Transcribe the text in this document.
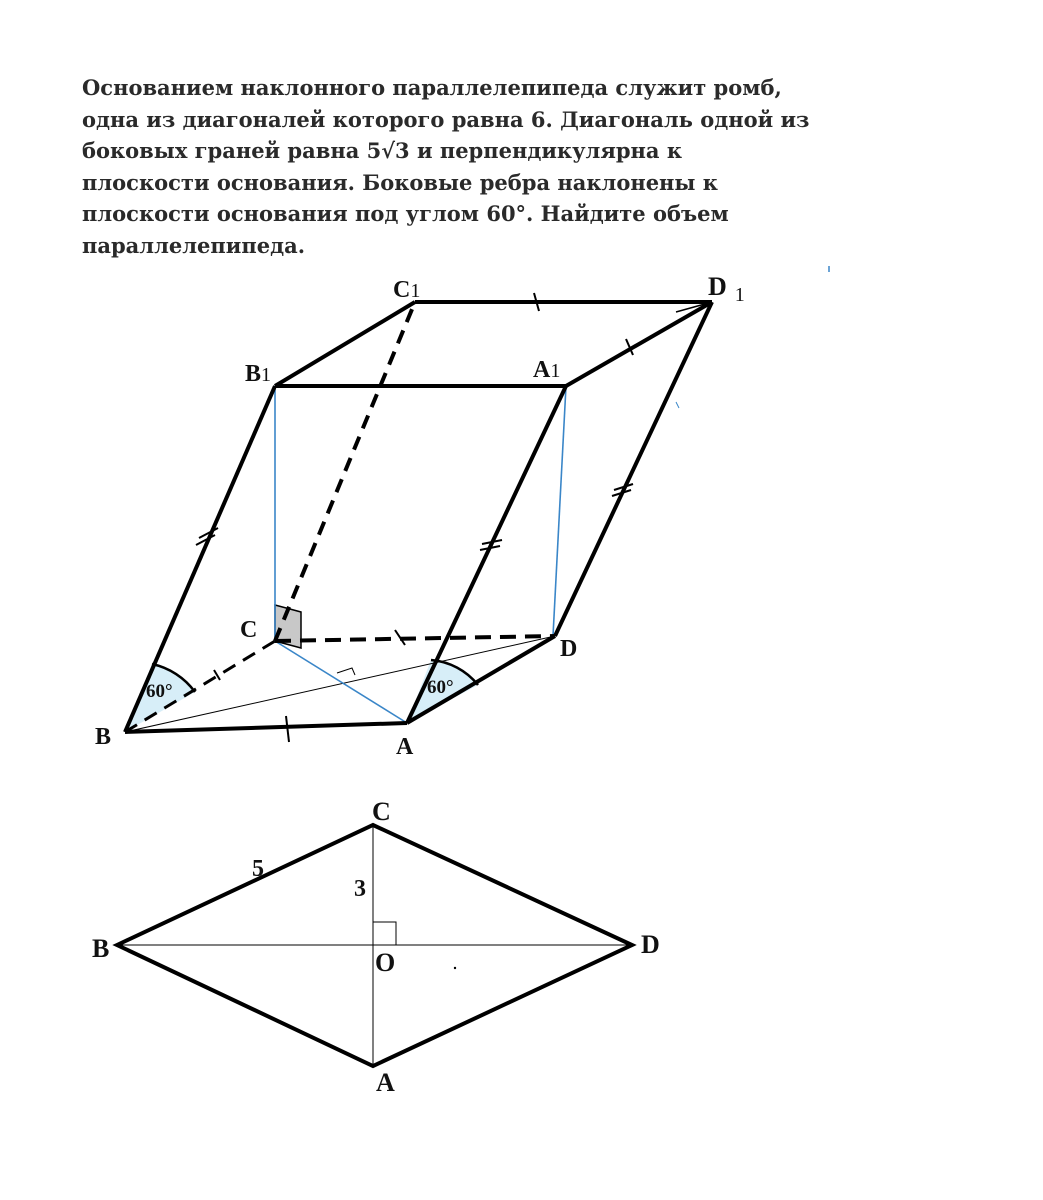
Основанием наклонного параллелепипеда служит ромб,
одна из диагоналей которого равна 6. Диагональ одной из
боковых граней равна 5√3 и перпендикулярна к
плоскости основания. Боковые ребра наклонены к
плоскости основания под углом 60°. Найдите объем
параллелепипеда.
60°	60°
B	A
C
D
B1	A1
C1	D $_1$
C
B	D
A
O
5
3
